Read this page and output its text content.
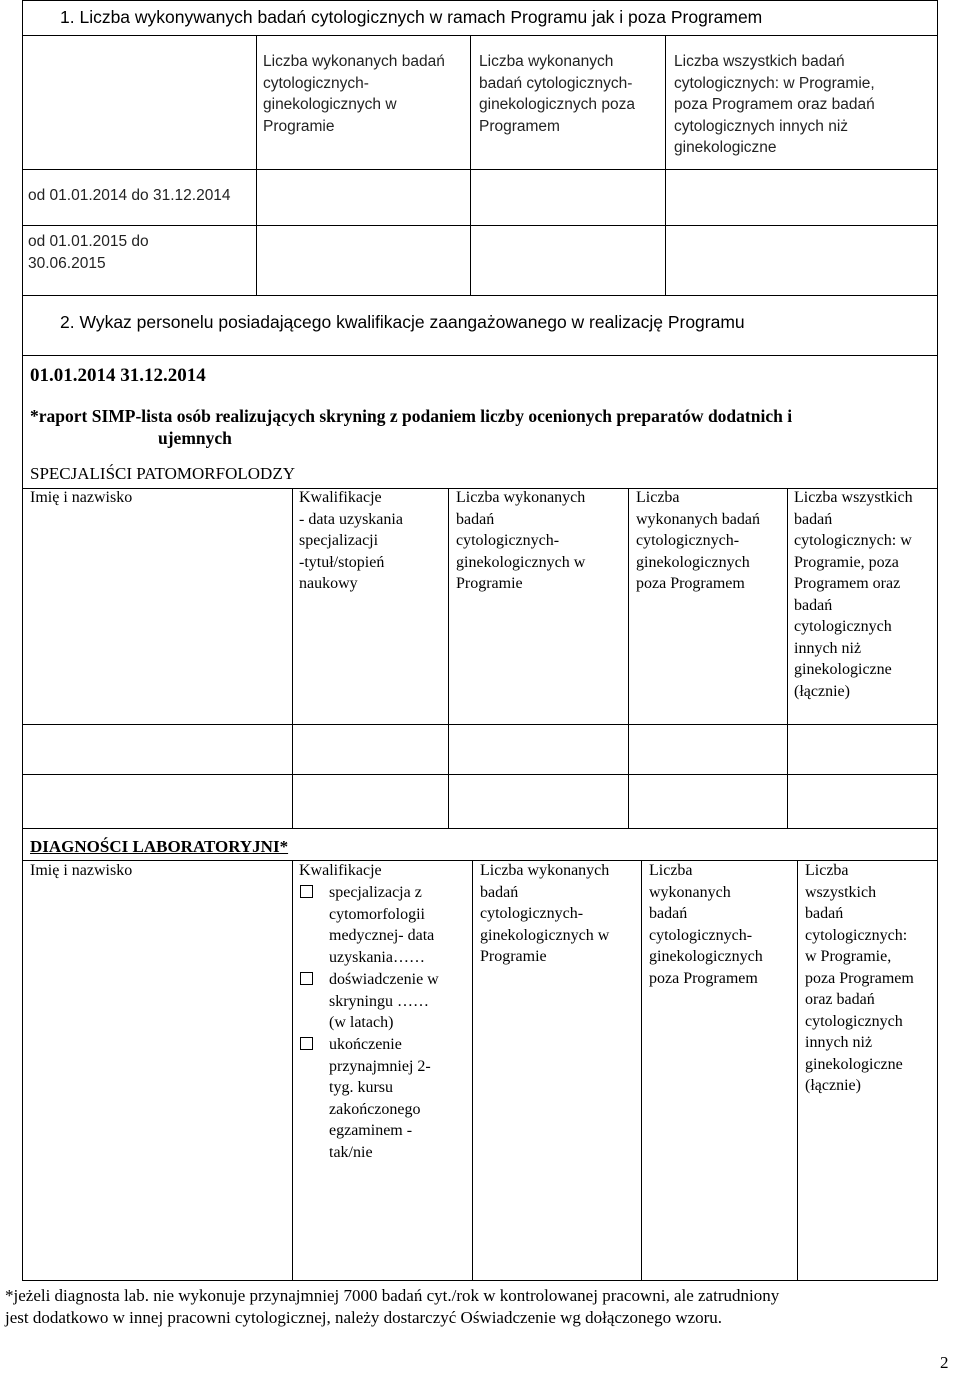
1. Liczba wykonywanych badań cytologicznych w ramach Programu jak i poza Programem
Liczba wykonanych badań
cytologicznych-
ginekologicznych w
Programie
Liczba wykonanych
badań cytologicznych-
ginekologicznych poza
Programem
Liczba wszystkich badań
cytologicznych: w Programie,
poza Programem oraz badań
cytologicznych innych niż
ginekologiczne
od 01.01.2014 do 31.12.2014
od 01.01.2015 do
30.06.2015
2. Wykaz personelu posiadającego kwalifikacje zaangażowanego w realizację Programu
01.01.2014 31.12.2014
*raport SIMP-lista osób realizujących skryning z podaniem liczby ocenionych preparatów dodatnich i
ujemnych
SPECJALIŚCI PATOMORFOLODZY
Imię i nazwisko	Kwalifikacje
- data uzyskania
specjalizacji
-tytuł/stopień
naukowy
Liczba wykonanych
badań
cytologicznych-
ginekologicznych w
Programie
Liczba
wykonanych badań
cytologicznych-
ginekologicznych
poza Programem
Liczba wszystkich
badań
cytologicznych: w
Programie, poza
Programem oraz
badań
cytologicznych
innych niż
ginekologiczne
(łącznie)
DIAGNOŚCI LABORATORYJNI*
Imię i nazwisko	Kwalifikacje
specjalizacja z
cytomorfologii
medycznej- data
uzyskania……
doświadczenie w
skryningu ……
(w latach)
ukończenie
przynajmniej 2-
tyg. kursu
zakończonego
egzaminem -
tak/nie
Liczba wykonanych
badań
cytologicznych-
ginekologicznych w
Programie
Liczba
wykonanych
badań
cytologicznych-
ginekologicznych
poza Programem
Liczba
wszystkich
badań
cytologicznych:
w Programie,
poza Programem
oraz badań
cytologicznych
innych niż
ginekologiczne
(łącznie)
*jeżeli diagnosta lab. nie wykonuje przynajmniej 7000 badań cyt./rok w kontrolowanej pracowni, ale zatrudniony
jest dodatkowo w innej pracowni cytologicznej, należy dostarczyć Oświadczenie wg dołączonego wzoru.
2
